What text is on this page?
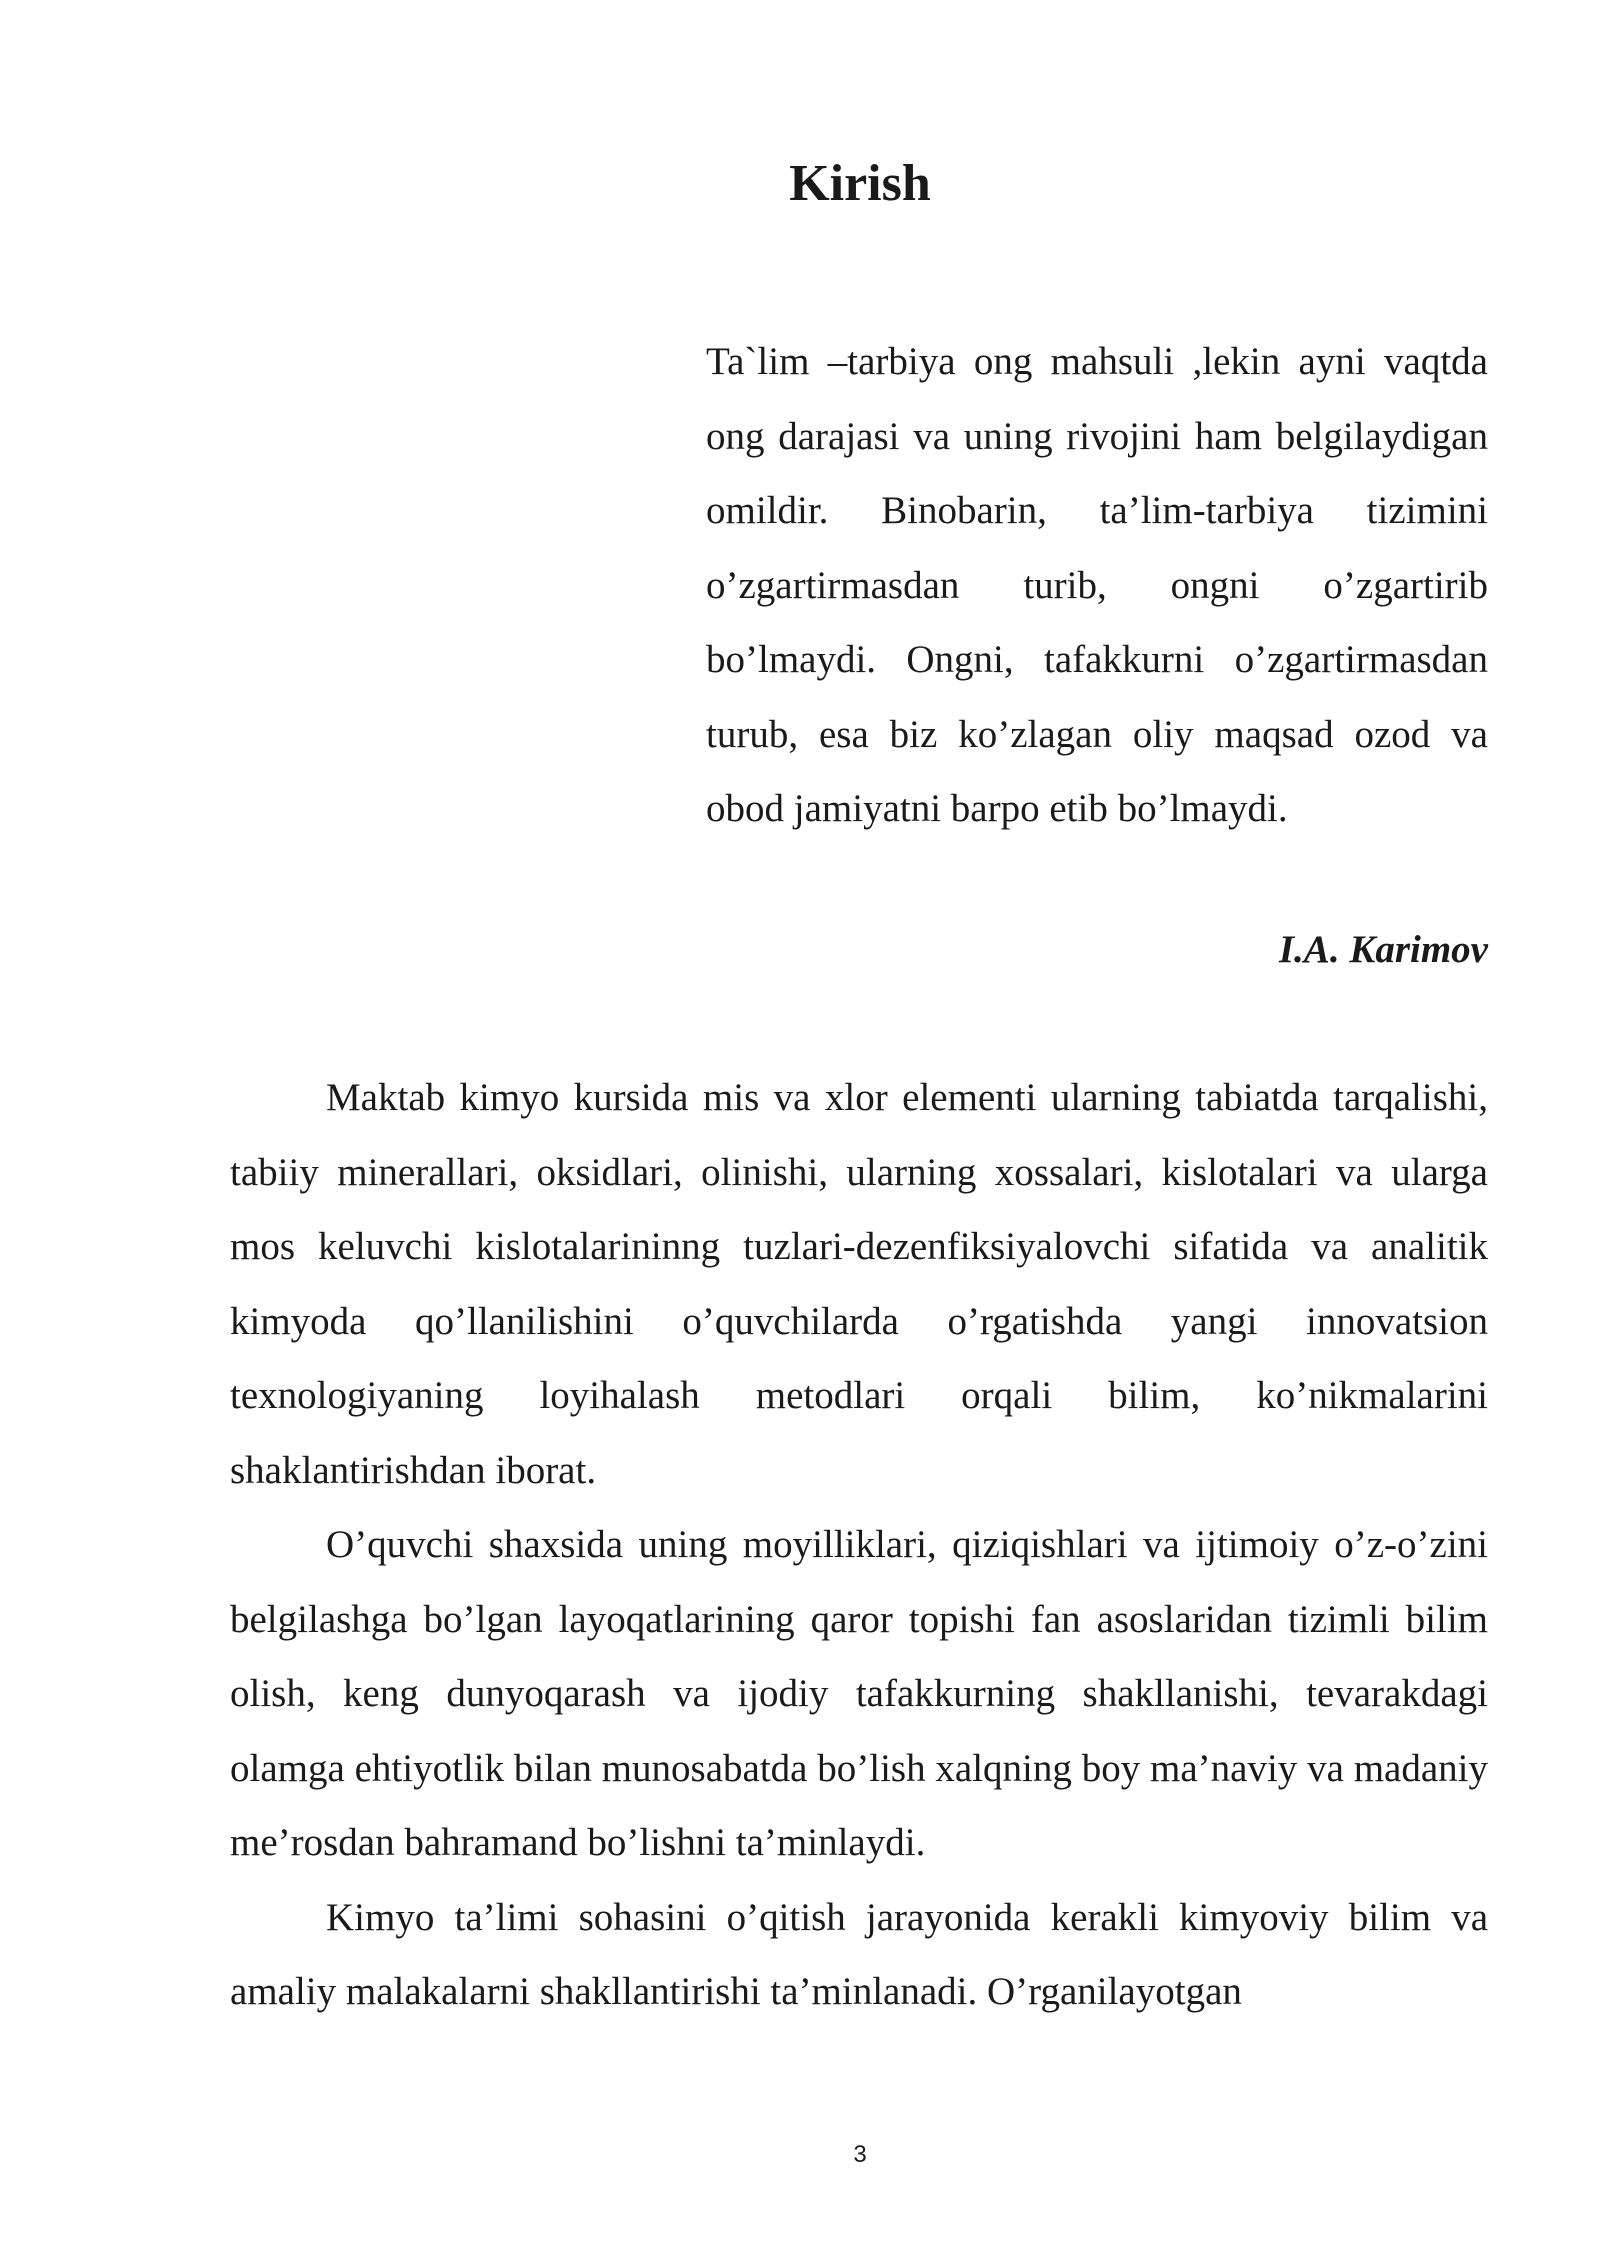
Kirish

Ta`lim –tarbiya ong mahsuli ,lekin ayni vaqtda ong darajasi va uning rivojini ham belgilaydigan omildir. Binobarin, ta’lim-tarbiya tizimini o’zgartirmasdan turib, ongni o’zgartirib bo’lmaydi. Ongni, tafakkurni o’zgartirmasdan turub, esa biz ko’zlagan oliy maqsad ozod va obod jamiyatni barpo etib bo’lmaydi.

I.A. Karimov

Maktab kimyo kursida mis va xlor elementi ularning tabiatda tarqalishi, tabiiy minerallari, oksidlari, olinishi, ularning xossalari, kislotalari va ularga mos keluvchi kislotalarininng tuzlari-dezenfiksiyalovchi sifatida va analitik kimyoda qo’llanilishini o’quvchilarda o’rgatishda yangi innovatsion texnologiyaning loyihalash metodlari orqali bilim, ko’nikmalarini shaklantirishdan iborat.

O’quvchi shaxsida uning moyilliklari, qiziqishlari va ijtimoiy o’z-o’zini belgilashga bo’lgan layoqatlarining qaror topishi fan asoslaridan tizimli bilim olish, keng dunyoqarash va ijodiy tafakkurning shakllanishi, tevarakdagi olamga ehtiyotlik bilan munosabatda bo’lish xalqning boy ma’naviy va madaniy me’rosdan bahramand bo’lishni ta’minlaydi.

Kimyo ta’limi sohasini o’qitish jarayonida kerakli kimyoviy bilim va amaliy malakalarni shakllantirishi ta’minlanadi. O’rganilayotgan

3
